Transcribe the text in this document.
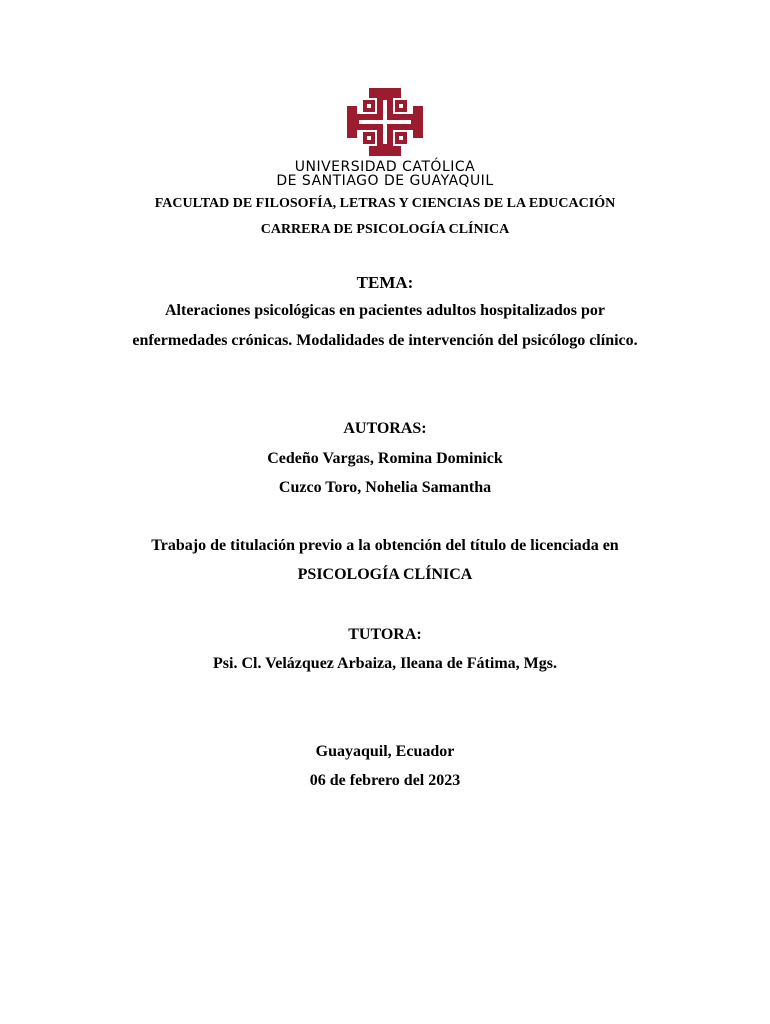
UNIVERSIDAD CATÓLICA
DE SANTIAGO DE GUAYAQUIL
FACULTAD DE FILOSOFÍA, LETRAS Y CIENCIAS DE LA EDUCACIÓN
CARRERA DE PSICOLOGÍA CLÍNICA
TEMA:
Alteraciones psicológicas en pacientes adultos hospitalizados por
enfermedades crónicas. Modalidades de intervención del psicólogo clínico.
AUTORAS:
Cedeño Vargas, Romina Dominick
Cuzco Toro, Nohelia Samantha
Trabajo de titulación previo a la obtención del título de licenciada en
PSICOLOGÍA CLÍNICA
TUTORA:
Psi. Cl. Velázquez Arbaiza, Ileana de Fátima, Mgs.
Guayaquil, Ecuador
06 de febrero del 2023
